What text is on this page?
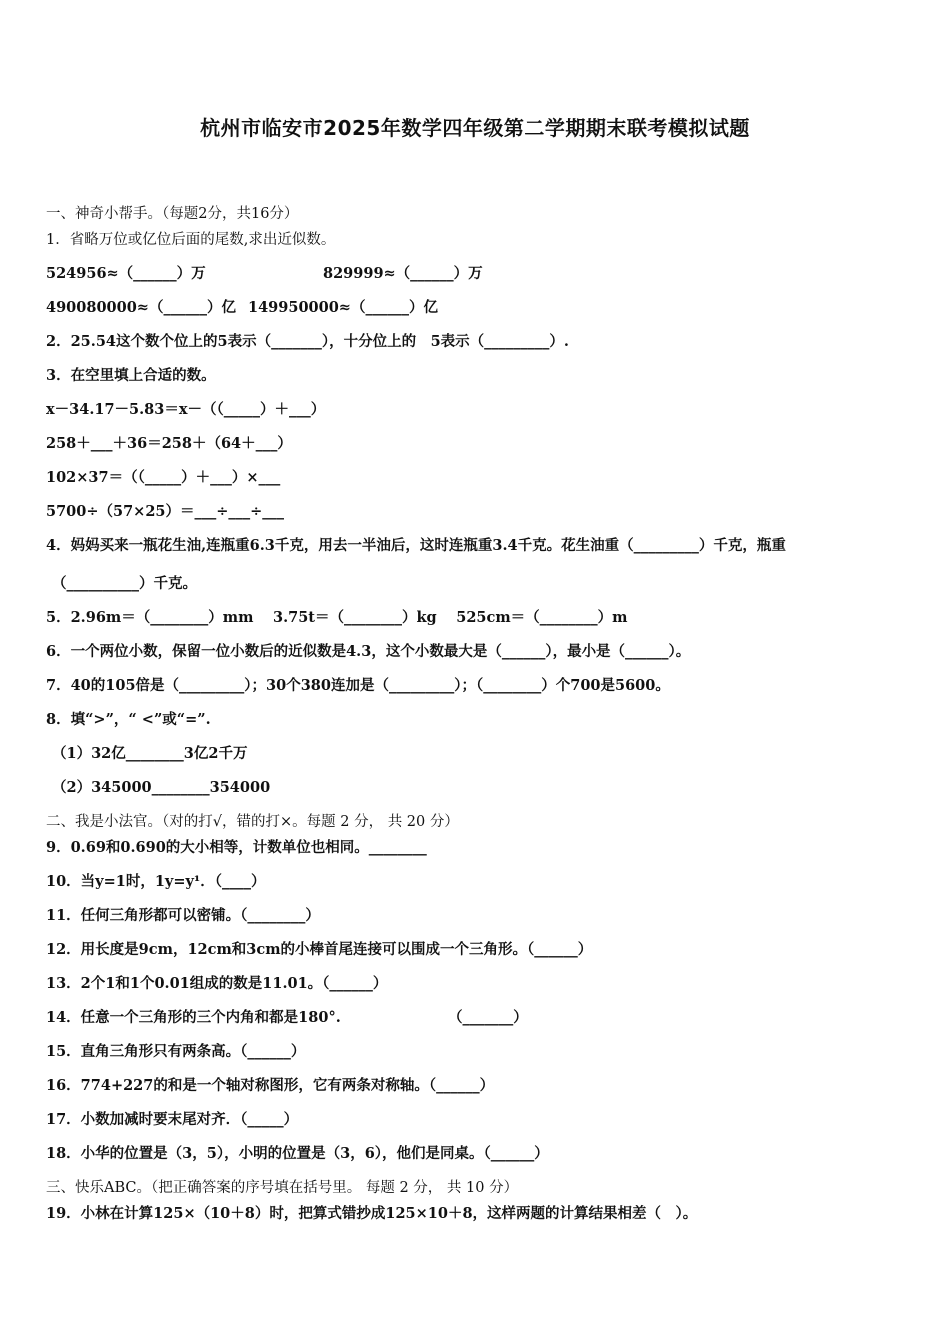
杭州市临安市2025年数学四年级第二学期期末联考模拟试题
一、神奇小帮手。（每题2分，共16分）
1．省略万位或亿位后面的尾数,求出近似数。
524956≈（______）万	829999≈（______）万
490080000≈（______）亿 149950000≈（______）亿
2．25.54这个数个位上的5表示（_______），十分位上的　5表示（_________）.
3．在空里填上合适的数。
x－34.17－5.83＝x－（（_____）＋___）
258＋___＋36＝258＋（64＋___）
102×37＝（（_____）＋___）×___
5700÷（57×25）＝___÷___÷___
4．妈妈买来一瓶花生油,连瓶重6.3千克，用去一半油后，这时连瓶重3.4千克。花生油重（_________）千克，瓶重
（__________）千克。
5．2.96m＝（________）mm　 3.75t＝（________）kg　 525cm＝（________）m
6．一个两位小数，保留一位小数后的近似数是4.3，这个小数最大是（______），最小是（______）。
7．40的105倍是（_________）；30个380连加是（_________）；（________）个700是5600。
8．填“>”，“ <”或“=”.
（1）32亿________3亿2千万
（2）345000________354000
二、我是小法官。（对的打√，错的打×。每题 2 分， 共 20 分）
9．0.69和0.690的大小相等，计数单位也相同。________
10．当y=1时，1y=y¹．（____）
11．任何三角形都可以密铺。（________）
12．用长度是9cm，12cm和3cm的小棒首尾连接可以围成一个三角形。（______）
13．2个1和1个0.01组成的数是11.01。（______）
14．任意一个三角形的三个内角和都是180°.	（_______）
15．直角三角形只有两条高。（______）
16．774+227的和是一个轴对称图形，它有两条对称轴。（______）
17．小数加减时要末尾对齐．（_____）
18．小华的位置是（3，5），小明的位置是（3，6），他们是同桌。（______）
三、快乐ABC。（把正确答案的序号填在括号里。 每题 2 分， 共 10 分）
19．小林在计算125×（10＋8）时，把算式错抄成125×10＋8，这样两题的计算结果相差（　）。
